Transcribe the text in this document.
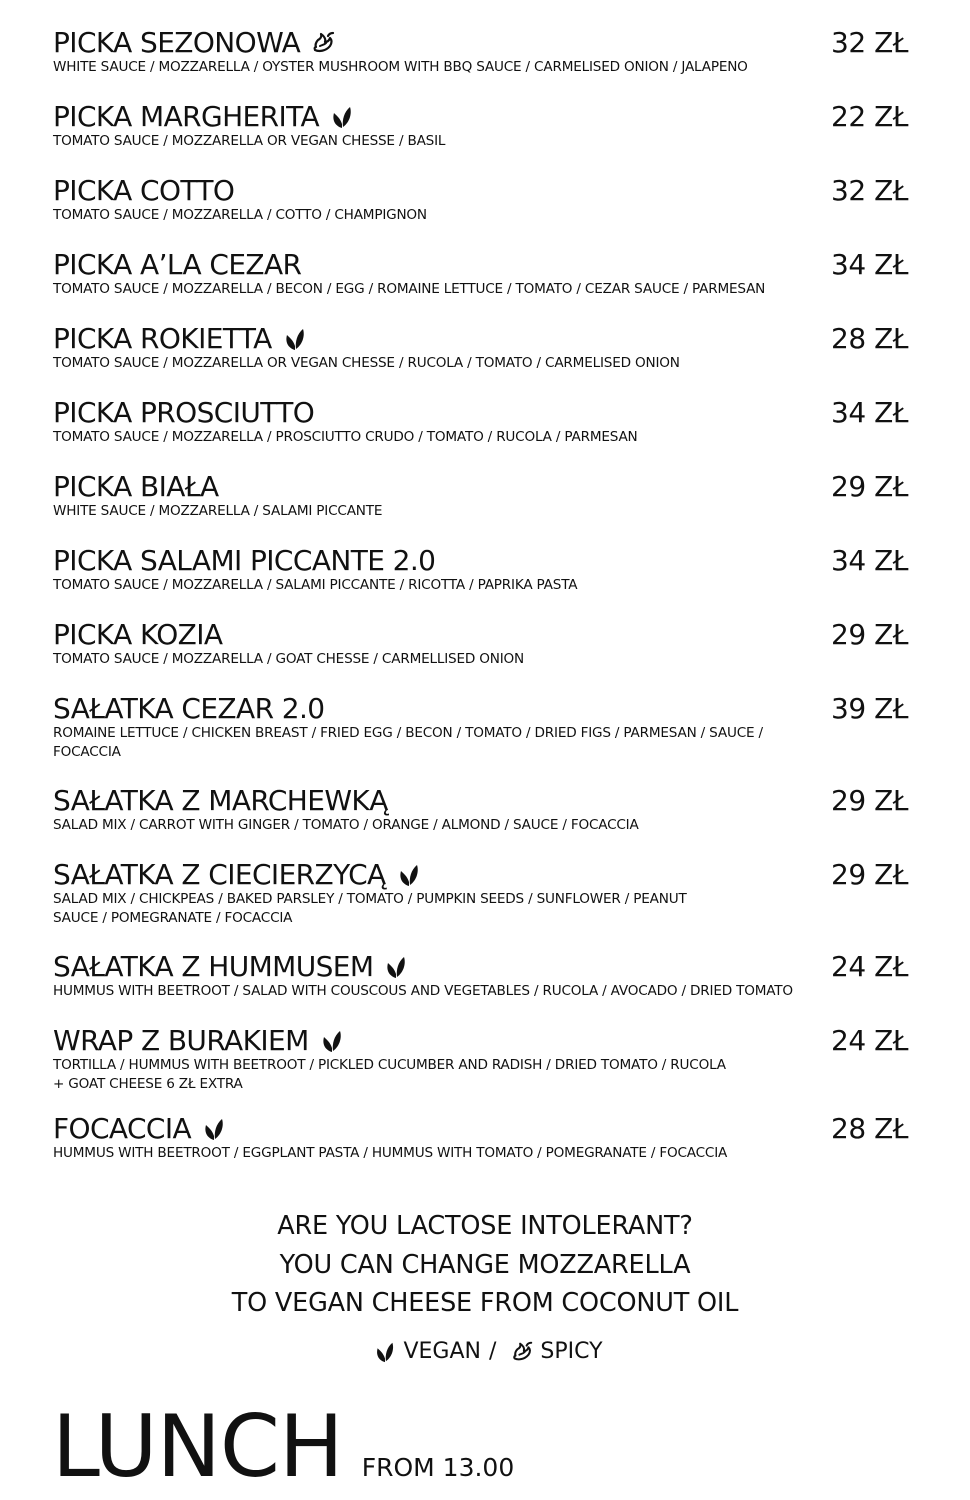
PICKA SEZONOWA	32 ZŁ
WHITE SAUCE / MOZZARELLA / OYSTER MUSHROOM WITH BBQ SAUCE / CARMELISED ONION / JALAPENO
PICKA MARGHERITA	22 ZŁ
TOMATO SAUCE / MOZZARELLA OR VEGAN CHESSE / BASIL
PICKA COTTO	32 ZŁ
TOMATO SAUCE / MOZZARELLA / COTTO / CHAMPIGNON
PICKA A’LA CEZAR	34 ZŁ
TOMATO SAUCE / MOZZARELLA / BECON / EGG / ROMAINE LETTUCE / TOMATO / CEZAR SAUCE / PARMESAN
PICKA ROKIETTA	28 ZŁ
TOMATO SAUCE / MOZZARELLA OR VEGAN CHESSE / RUCOLA / TOMATO / CARMELISED ONION
PICKA PROSCIUTTO	34 ZŁ
TOMATO SAUCE / MOZZARELLA / PROSCIUTTO CRUDO / TOMATO / RUCOLA / PARMESAN
PICKA BIAŁA	29 ZŁ
WHITE SAUCE / MOZZARELLA / SALAMI PICCANTE
PICKA SALAMI PICCANTE 2.0	34 ZŁ
TOMATO SAUCE / MOZZARELLA / SALAMI PICCANTE / RICOTTA / PAPRIKA PASTA
PICKA KOZIA	29 ZŁ
TOMATO SAUCE / MOZZARELLA / GOAT CHESSE / CARMELLISED ONION
SAŁATKA CEZAR 2.0	39 ZŁ
ROMAINE LETTUCE / CHICKEN BREAST / FRIED EGG / BECON / TOMATO / DRIED FIGS / PARMESAN / SAUCE / FOCACCIA
SAŁATKA Z MARCHEWKĄ	29 ZŁ
SALAD MIX / CARROT WITH GINGER / TOMATO / ORANGE / ALMOND / SAUCE / FOCACCIA
SAŁATKA Z CIECIERZYCĄ	29 ZŁ
SALAD MIX / CHICKPEAS / BAKED PARSLEY / TOMATO / PUMPKIN SEEDS / SUNFLOWER / PEANUT SAUCE / POMEGRANATE / FOCACCIA
SAŁATKA Z HUMMUSEM	24 ZŁ
HUMMUS WITH BEETROOT / SALAD WITH COUSCOUS AND VEGETABLES / RUCOLA / AVOCADO / DRIED TOMATO
WRAP Z BURAKIEM	24 ZŁ
TORTILLA / HUMMUS WITH BEETROOT / PICKLED CUCUMBER AND RADISH / DRIED TOMATO / RUCOLA
+ GOAT CHEESE 6 ZŁ EXTRA
FOCACCIA	28 ZŁ
HUMMUS WITH BEETROOT / EGGPLANT PASTA / HUMMUS WITH TOMATO / POMEGRANATE / FOCACCIA
ARE YOU LACTOSE INTOLERANT?
YOU CAN CHANGE MOZZARELLA
TO VEGAN CHEESE FROM COCONUT OIL
VEGAN / SPICY
LUNCH FROM 13.00
